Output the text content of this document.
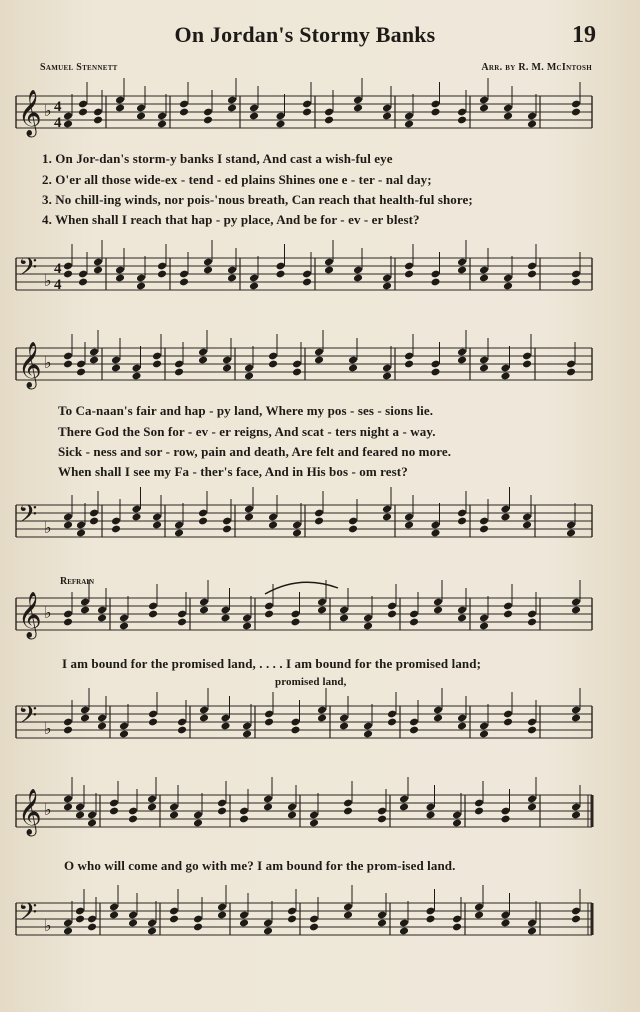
On Jordan's Stormy Banks	19
Samuel Stennett	Arr. by R. M. McIntosh
𝄞 ♭ 4
4
𝄢 ♭
4
4
𝄞 ♭
𝄢 ♭
𝄞 ♭
𝄢 ♭
𝄞 ♭
𝄢 ♭
1. On Jor-dan's storm-y banks I stand, And cast a wish-ful eye
2. O'er all those wide-ex - tend - ed plains Shines one e - ter - nal day;
3. No chill-ing winds, nor pois-'nous breath, Can reach that health-ful shore;
4. When shall I reach that hap - py place, And be for - ev - er blest?
To Ca-naan's fair and hap - py land, Where my pos - ses - sions lie.
There God the Son for - ev - er reigns, And scat - ters night a - way.
Sick - ness and sor - row, pain and death, Are felt and feared no more.
When shall I see my Fa - ther's face, And in His bos - om rest?
Refrain
I am bound for the promised land, . . . . I am bound for the promised land;
promised land,
O who will come and go with me? I am bound for the prom-ised land.
